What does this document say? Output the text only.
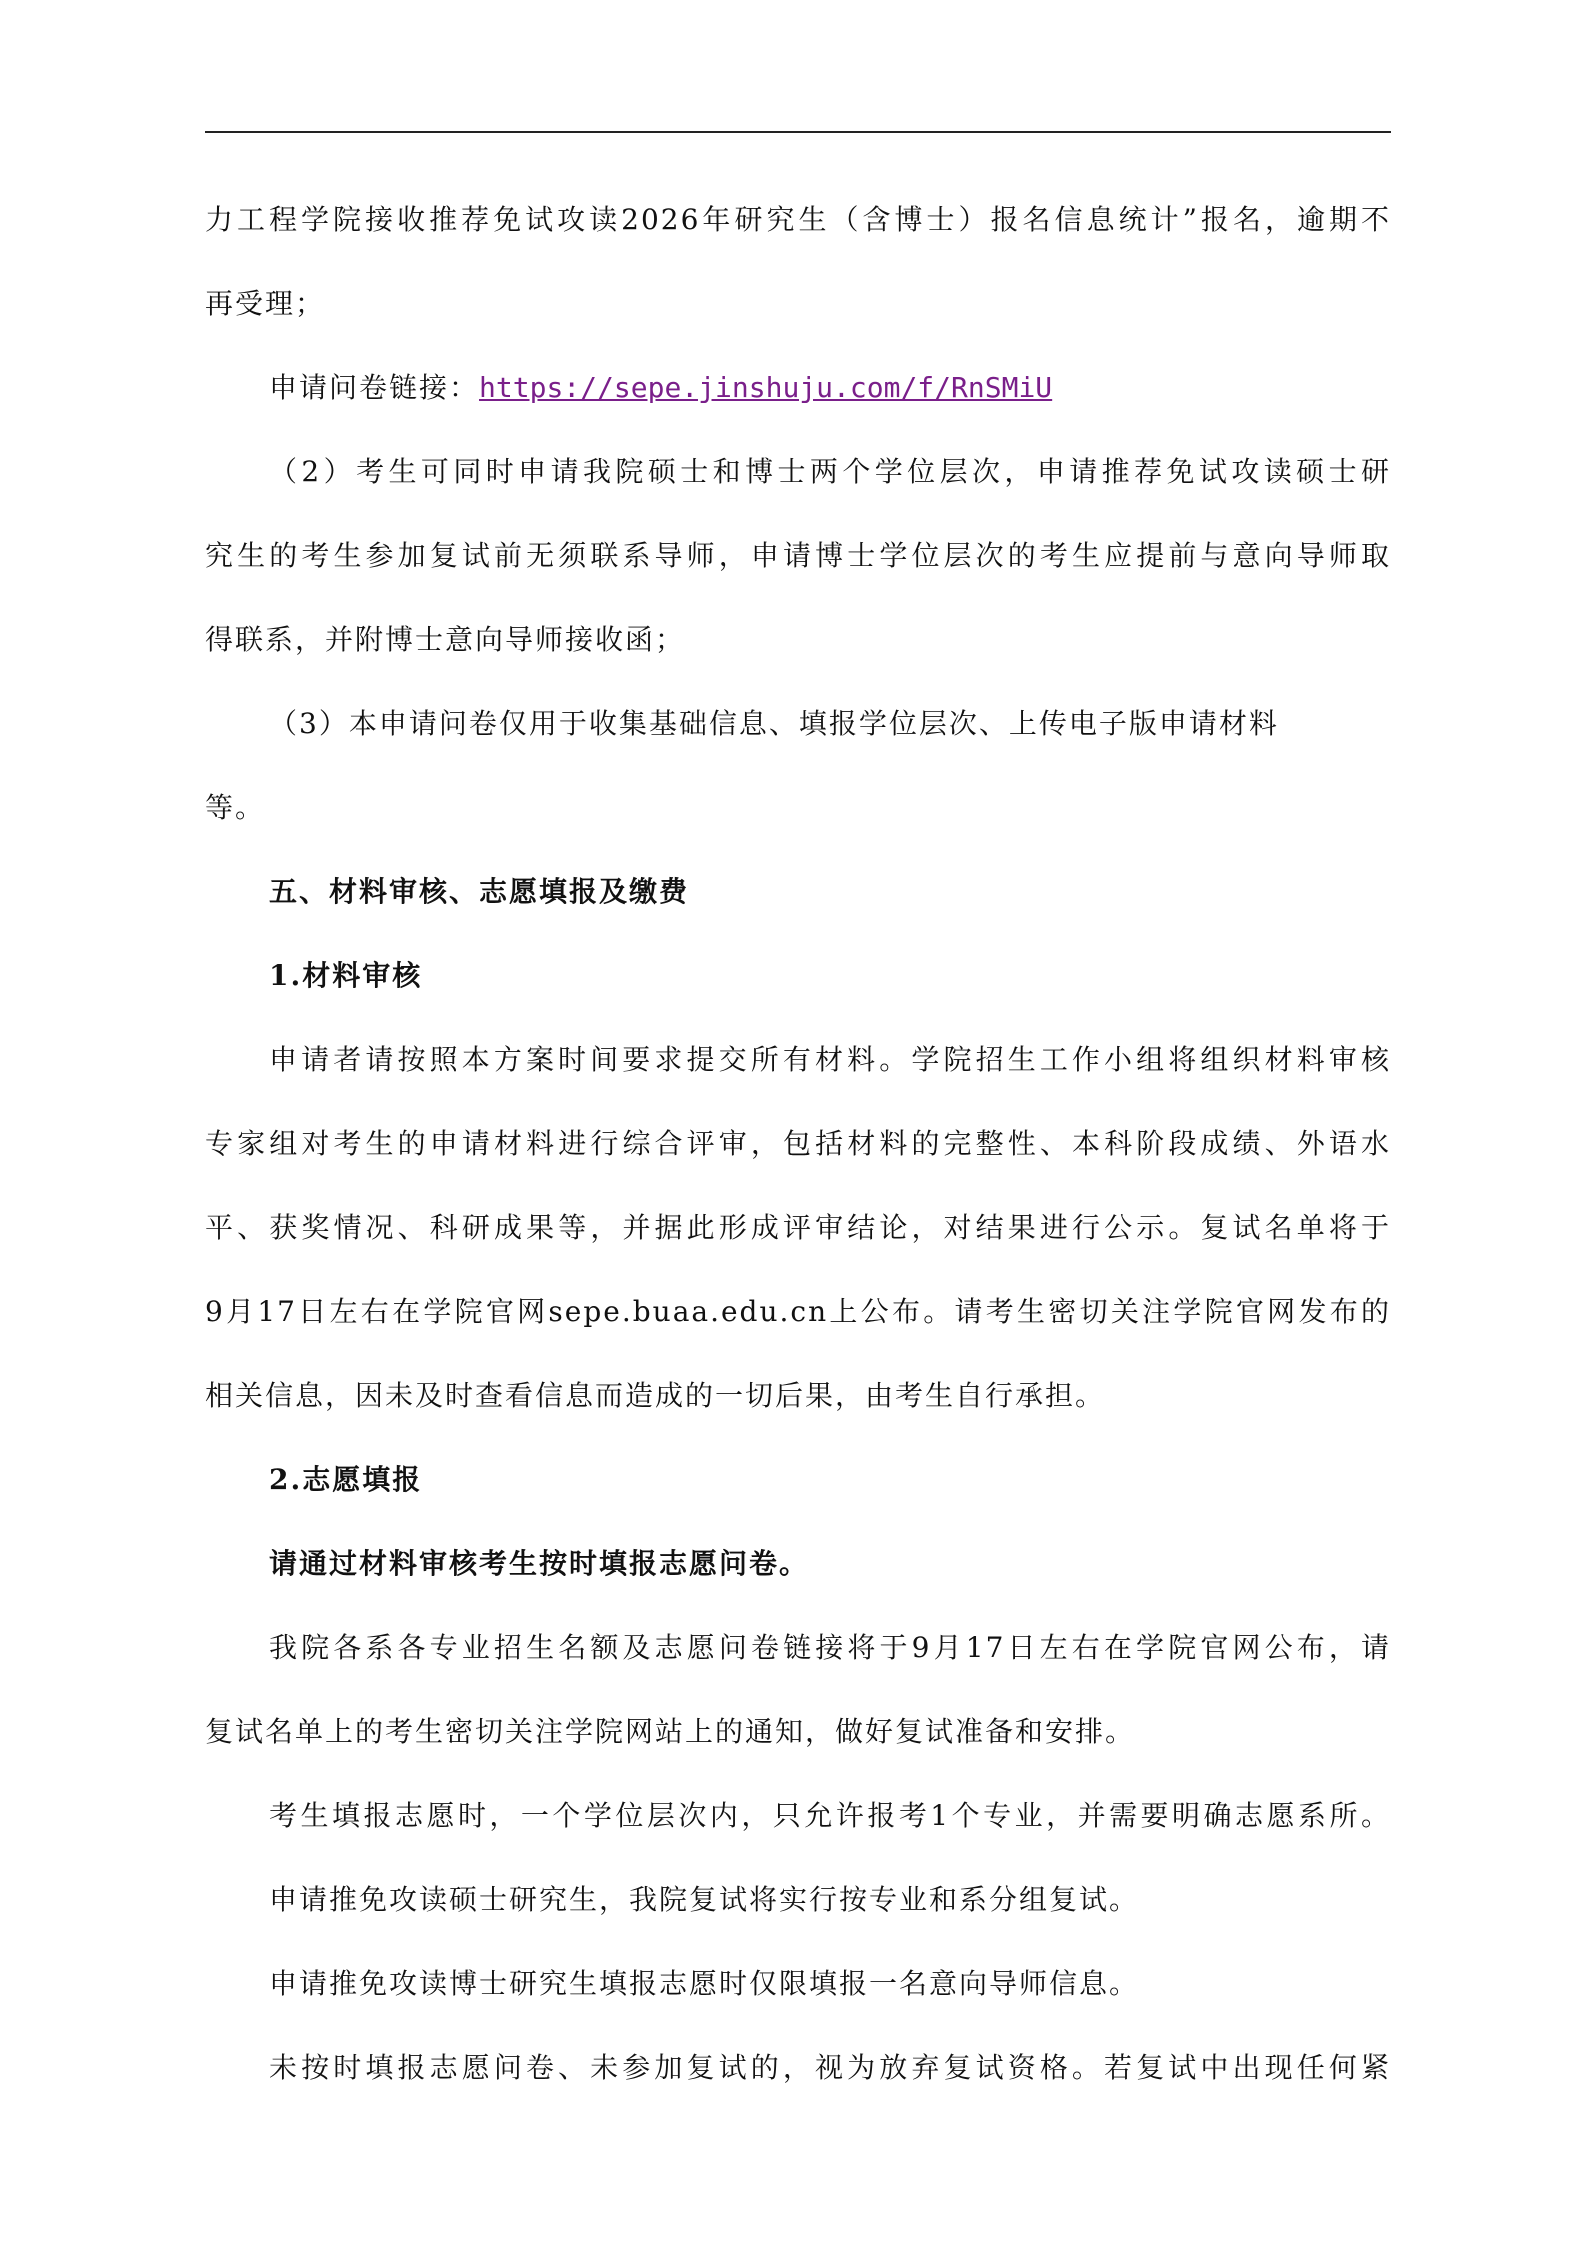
力工程学院接收推荐免试攻读2026年研究生（含博士）报名信息统计”报名，逾期不
再受理；
申请问卷链接：https://sepe.jinshuju.com/f/RnSMiU
（2）考生可同时申请我院硕士和博士两个学位层次，申请推荐免试攻读硕士研
究生的考生参加复试前无须联系导师，申请博士学位层次的考生应提前与意向导师取
得联系，并附博士意向导师接收函；
（3）本申请问卷仅用于收集基础信息、填报学位层次、上传电子版申请材料
等。
五、材料审核、志愿填报及缴费
1.材料审核
申请者请按照本方案时间要求提交所有材料。学院招生工作小组将组织材料审核
专家组对考生的申请材料进行综合评审，包括材料的完整性、本科阶段成绩、外语水
平、获奖情况、科研成果等，并据此形成评审结论，对结果进行公示。复试名单将于
9月17日左右在学院官网sepe.buaa.edu.cn上公布。请考生密切关注学院官网发布的
相关信息，因未及时查看信息而造成的一切后果，由考生自行承担。
2.志愿填报
请通过材料审核考生按时填报志愿问卷。
我院各系各专业招生名额及志愿问卷链接将于9月17日左右在学院官网公布，请
复试名单上的考生密切关注学院网站上的通知，做好复试准备和安排。
考生填报志愿时，一个学位层次内，只允许报考1个专业，并需要明确志愿系所。
申请推免攻读硕士研究生，我院复试将实行按专业和系分组复试。
申请推免攻读博士研究生填报志愿时仅限填报一名意向导师信息。
未按时填报志愿问卷、未参加复试的，视为放弃复试资格。若复试中出现任何紧
